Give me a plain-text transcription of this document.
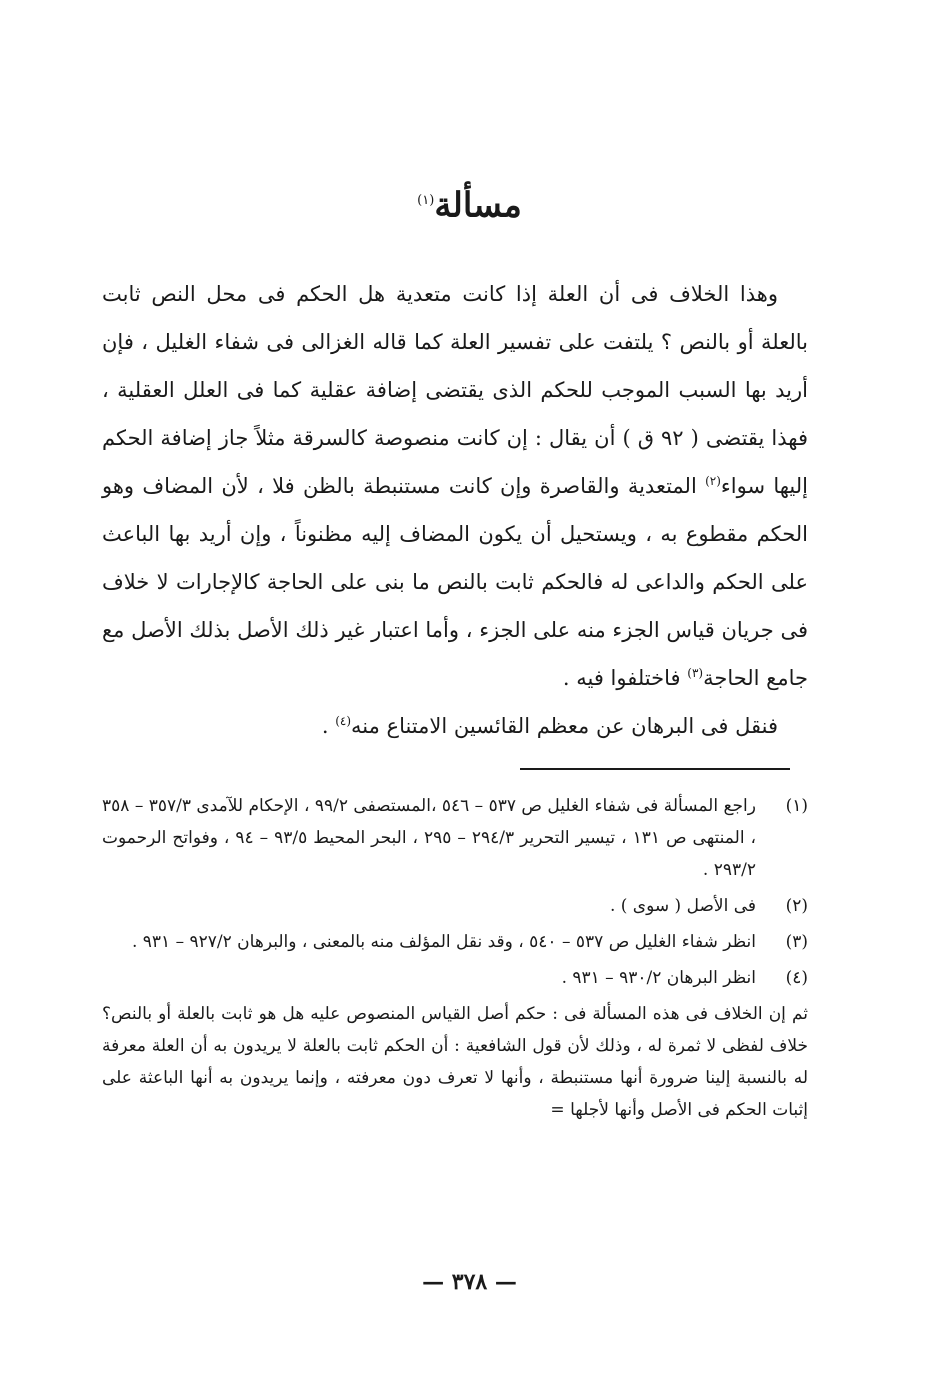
مسألة$^{(١)}$

وهذا الخلاف فى أن العلة إذا كانت متعدية هل الحكم فى محل النص ثابت بالعلة أو بالنص ؟ يلتفت على تفسير العلة كما قاله الغزالى فى شفاء الغليل ، فإن أريد بها السبب الموجب للحكم الذى يقتضى إضافة عقلية كما فى العلل العقلية ، فهذا يقتضى ( ٩٢ ق ) أن يقال : إن كانت منصوصة كالسرقة مثلاً جاز إضافة الحكم إليها سواء$^{(٢)}$ المتعدية والقاصرة وإن كانت مستنبطة بالظن فلا ، لأن المضاف وهو الحكم مقطوع به ، ويستحيل أن يكون المضاف إليه مظنوناً ، وإن أريد بها الباعث على الحكم والداعى له فالحكم ثابت بالنص ما بنى على الحاجة كالإجارات لا خلاف فى جريان قياس الجزء منه على الجزء ، وأما اعتبار غير ذلك الأصل بذلك الأصل مع جامع الحاجة$^{(٣)}$ فاختلفوا فيه .

فنقل فى البرهان عن معظم القائسين الامتناع منه$^{(٤)}$ .

(١)
راجع المسألة فى شفاء الغليل ص ٥٣٧ – ٥٤٦ ،المستصفى ٩٩/٢ ، الإحكام للآمدى ٣٥٧/٣ – ٣٥٨ ، المنتهى ص ١٣١ ، تيسير التحرير ٢٩٤/٣ – ٢٩٥ ، البحر المحيط ٩٣/٥ – ٩٤ ، وفواتح الرحموت ٢٩٣/٢ .
(٢)
فى الأصل ( سوى ) .
(٣)
انظر شفاء الغليل ص ٥٣٧ – ٥٤٠ ، وقد نقل المؤلف منه بالمعنى ، والبرهان ٩٢٧/٢ – ٩٣١ .
(٤)
انظر البرهان ٩٣٠/٢ – ٩٣١ .
ثم إن الخلاف فى هذه المسألة فى : حكم أصل القياس المنصوص عليه هل هو ثابت بالعلة أو بالنص؟ خلاف لفظى لا ثمرة له ، وذلك لأن قول الشافعية : أن الحكم ثابت بالعلة لا يريدون به أن العلة معرفة له بالنسبة إلينا ضرورة أنها مستنبطة ، وأنها لا تعرف دون معرفته ، وإنما يريدون به أنها الباعثة على إثبات الحكم فى الأصل وأنها لأجلها =
— ٣٧٨ —
